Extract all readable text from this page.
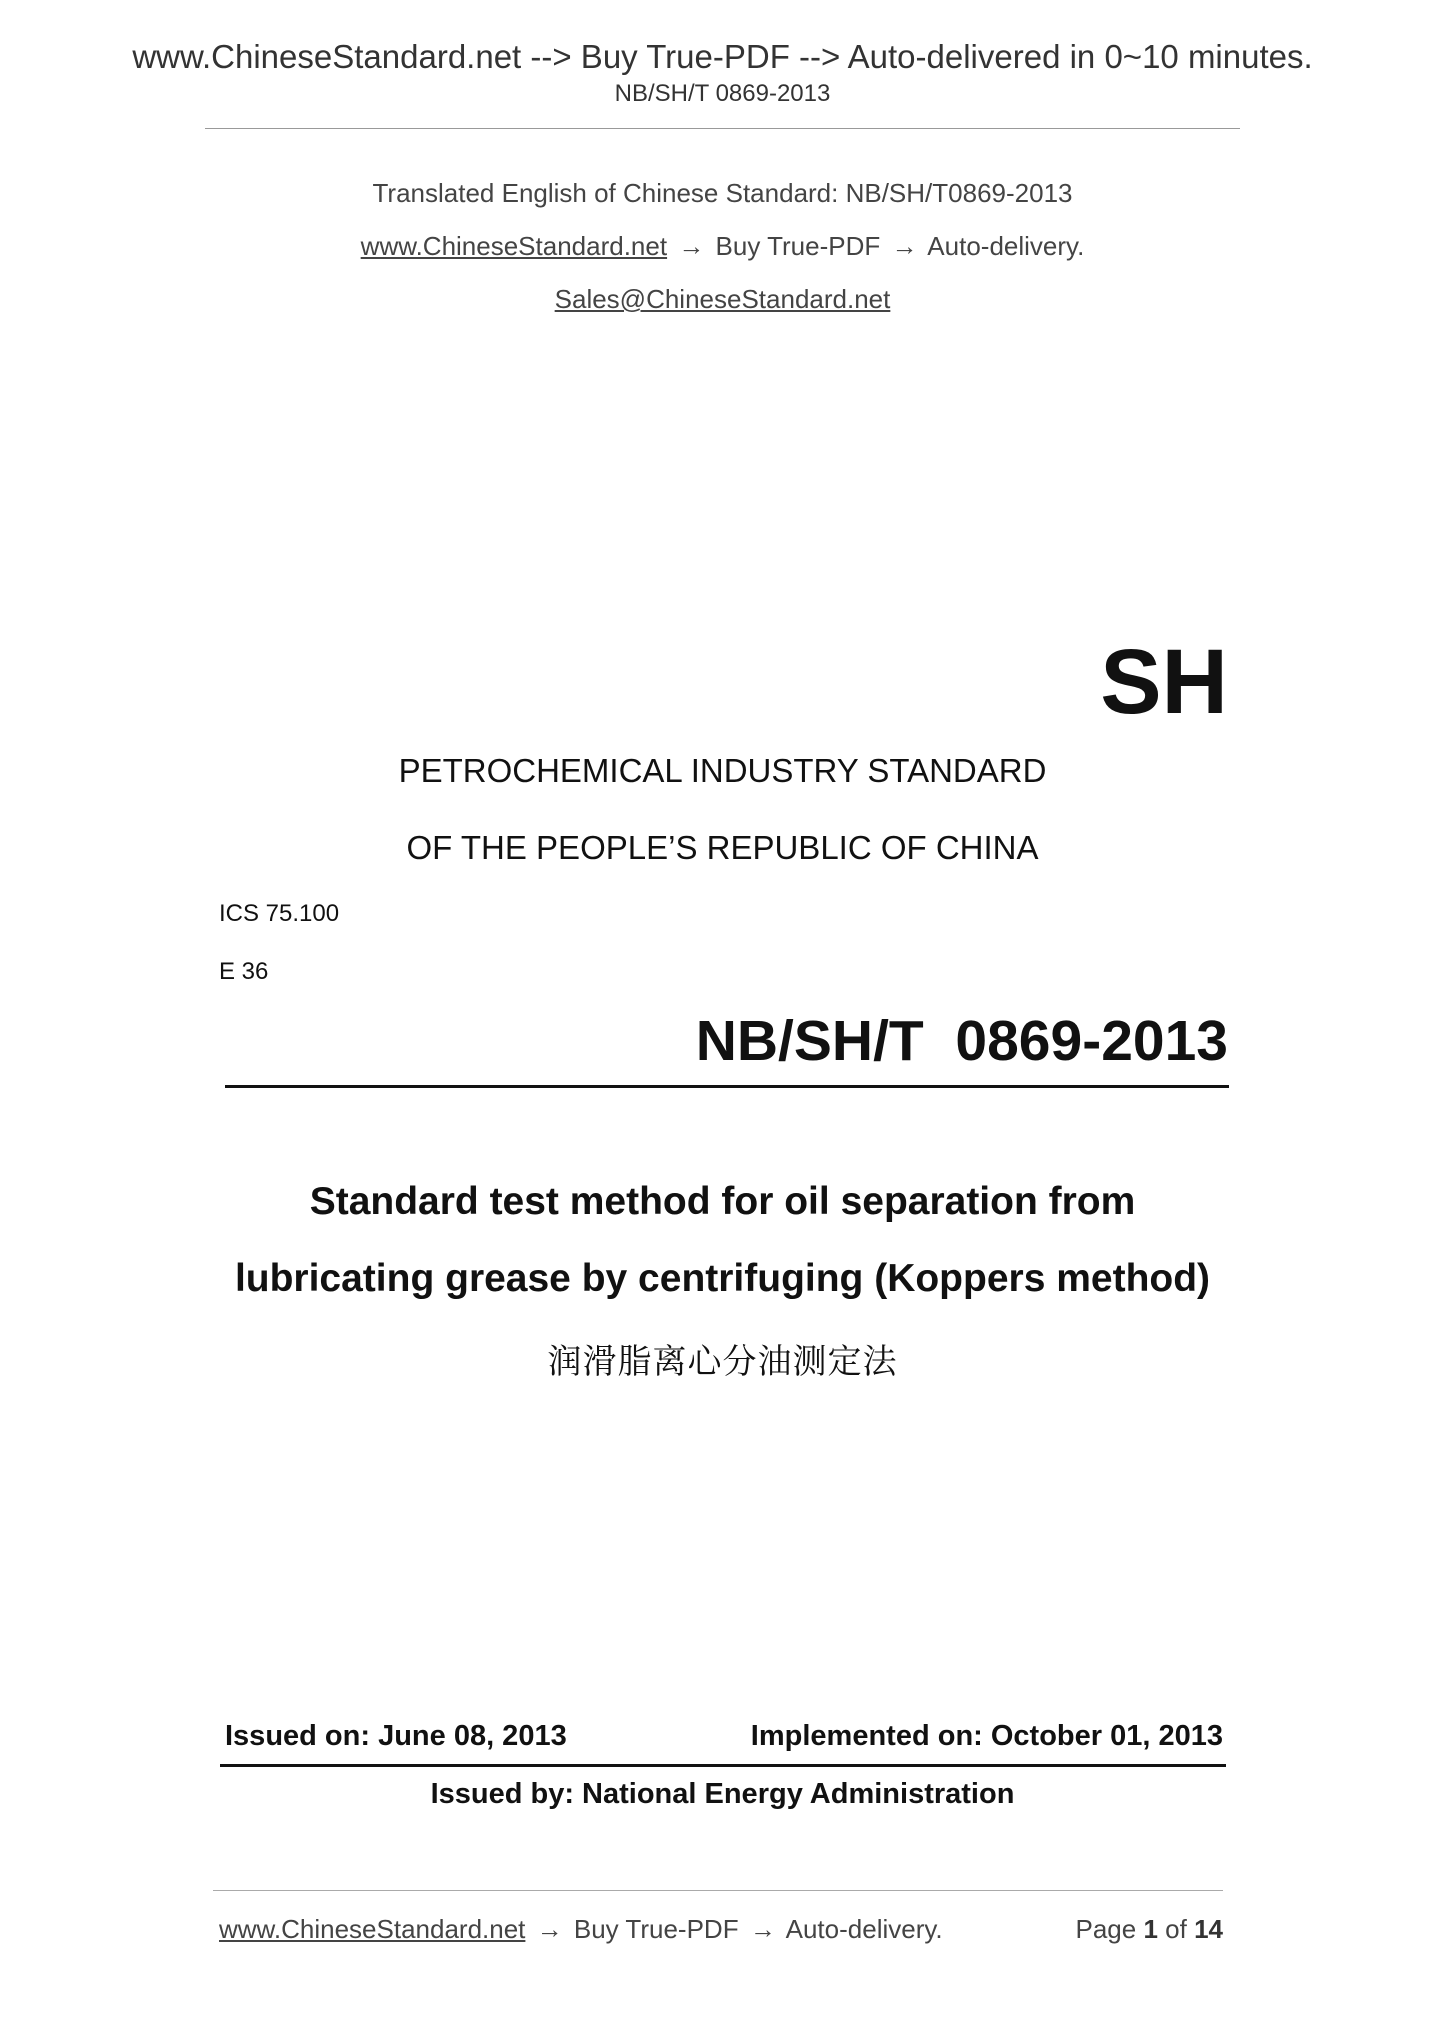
www.ChineseStandard.net --> Buy True-PDF --> Auto-delivered in 0~10 minutes.
NB/SH/T 0869-2013
Translated English of Chinese Standard: NB/SH/T0869-2013
www.ChineseStandard.net → Buy True-PDF → Auto-delivery.
Sales@ChineseStandard.net
SH
PETROCHEMICAL INDUSTRY STANDARD
OF THE PEOPLE’S REPUBLIC OF CHINA
ICS 75.100
E 36
NB/SH/T  0869-2013
Standard test method for oil separation from
lubricating grease by centrifuging (Koppers method)
润滑脂离心分油测定法
Issued on: June 08, 2013	Implemented on: October 01, 2013
Issued by: National Energy Administration
www.ChineseStandard.net → Buy True-PDF → Auto-delivery.	Page 1 of 14
